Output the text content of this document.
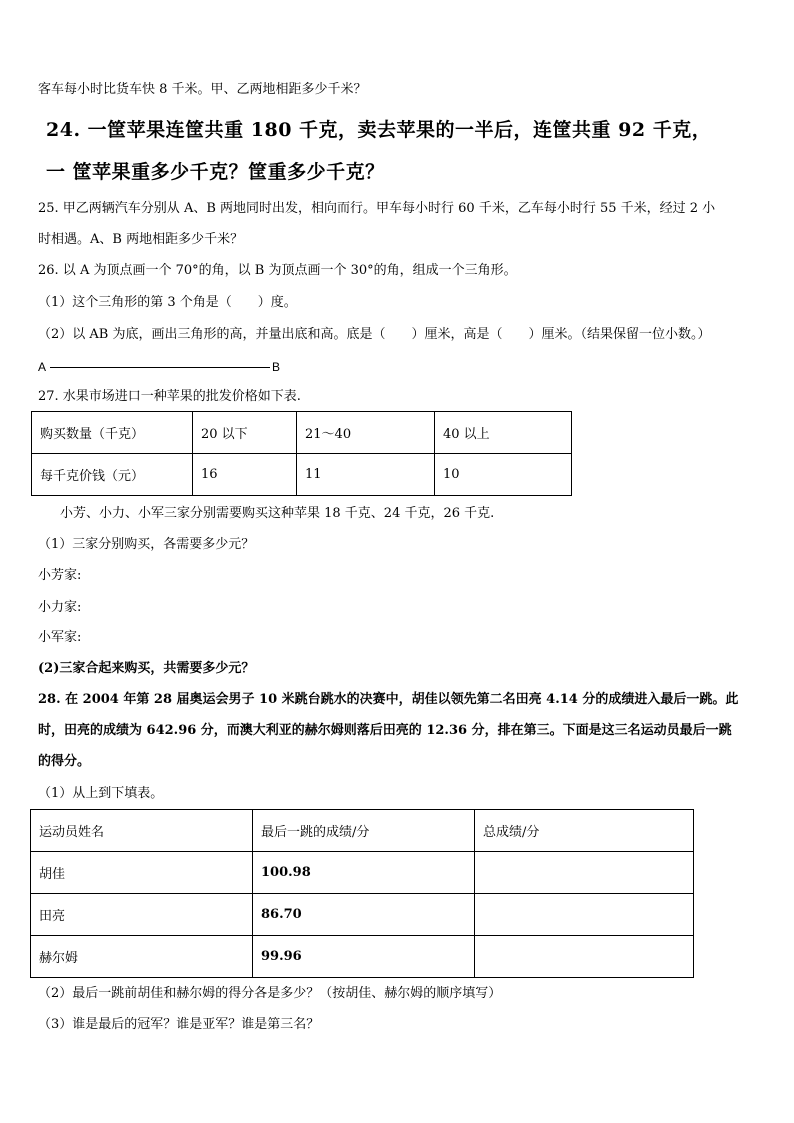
客车每小时比货车快 8 千米。甲、乙两地相距多少千米？
24. 一筐苹果连筐共重 180 千克，卖去苹果的一半后，连筐共重 92 千克，
一 筐苹果重多少千克？筐重多少千克？
25. 甲乙两辆汽车分别从 A、B 两地同时出发，相向而行。甲车每小时行 60 千米，乙车每小时行 55 千米，经过 2 小
时相遇。A、B 两地相距多少千米？
26. 以 A 为顶点画一个 70°的角，以 B 为顶点画一个 30°的角，组成一个三角形。
（1）这个三角形的第 3 个角是（　　）度。
（2）以 AB 为底，画出三角形的高，并量出底和高。底是（　　）厘米，高是（　　）厘米。（结果保留一位小数。）
A	B
27. 水果市场进口一种苹果的批发价格如下表.
购买数量（千克）	20 以下	21～40	40 以上
每千克价钱（元）	16	11	10
小芳、小力、小军三家分别需要购买这种苹果 18 千克、24 千克，26 千克.
（1）三家分别购买，各需要多少元？
小芳家:
小力家:
小军家:
(2)三家合起来购买，共需要多少元？
28. 在 2004 年第 28 届奥运会男子 10 米跳台跳水的决赛中，胡佳以领先第二名田亮 4.14 分的成绩进入最后一跳。此
时，田亮的成绩为 642.96 分，而澳大利亚的赫尔姆则落后田亮的 12.36 分，排在第三。下面是这三名运动员最后一跳
的得分。
（1）从上到下填表。
运动员姓名	最后一跳的成绩/分	总成绩/分
胡佳	100.98	
田亮	86.70	
赫尔姆	99.96	
（2）最后一跳前胡佳和赫尔姆的得分各是多少？（按胡佳、赫尔姆的顺序填写）
（3）谁是最后的冠军？谁是亚军？谁是第三名？
